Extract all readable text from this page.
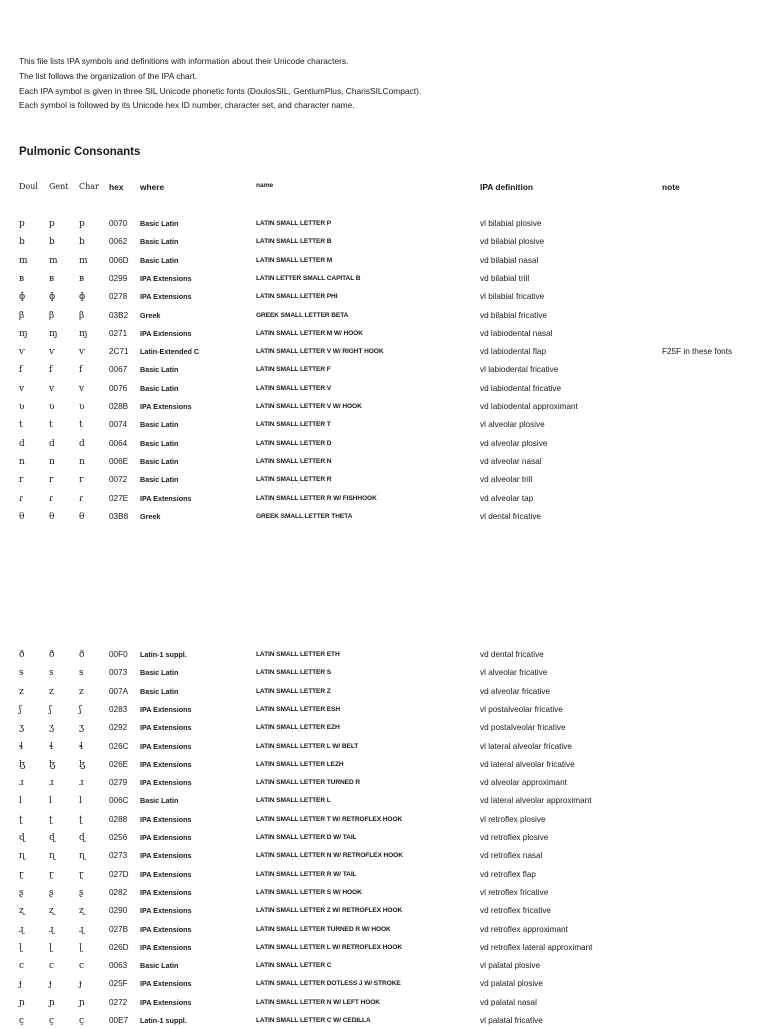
This file lists IPA symbols and definitions with information about their Unicode characters.
The list follows the organization of the IPA chart.
Each IPA symbol is given in three SIL Unicode phonetic fonts (DoulosSIL, GentiumPlus, CharisSILCompact).
Each symbol is followed by its Unicode hex ID number, character set, and character name.
Pulmonic Consonants
Doul Gent Char hex where	name	IPA definition	note
p	p	p	0070 Basic Latin	LATIN SMALL LETTER P	vl bilabial plosive
b	b	b	0062 Basic Latin	LATIN SMALL LETTER B	vd bilabial plosive
m m m	006D Basic Latin	LATIN SMALL LETTER M	vd bilabial nasal
ʙ	ʙ	ʙ	0299 IPA Extensions	LATIN LETTER SMALL CAPITAL B	vd bilabial trill
ɸ	ɸ	ɸ	0278 IPA Extensions	LATIN SMALL LETTER PHI	vl bilabial fricative
β	β	β	03B2 Greek	GREEK SMALL LETTER BETA	vd bilabial fricative
ɱ ɱ ɱ	0271 IPA Extensions	LATIN SMALL LETTER M W/ HOOK	vd labiodental nasal
ⱱ	ⱱ	ⱱ	2C71 Latin-Extended C	LATIN SMALL LETTER V W/ RIGHT HOOK	vd labiodental flap	F25F in these fonts
f	f	f	0067 Basic Latin	LATIN SMALL LETTER F	vl labiodental fricative
v	v	v	0076 Basic Latin	LATIN SMALL LETTER V	vd labiodental fricative
ʋ	ʋ	ʋ	028B IPA Extensions	LATIN SMALL LETTER V W/ HOOK	vd labiodental approximant
t	t	t	0074 Basic Latin	LATIN SMALL LETTER T	vl alveolar plosive
d	d	d	0064 Basic Latin	LATIN SMALL LETTER D	vd alveolar plosive
n	n	n	006E Basic Latin	LATIN SMALL LETTER N	vd alveolar nasal
r	r	r	0072 Basic Latin	LATIN SMALL LETTER R	vd alveolar trill
ɾ	ɾ	ɾ	027E IPA Extensions	LATIN SMALL LETTER R W/ FISHHOOK	vd alveolar tap
θ	θ	θ	03B8 Greek	GREEK SMALL LETTER THETA	vl dental fricative
ð	ð	ð	00F0 Latin-1 suppl.	LATIN SMALL LETTER ETH	vd dental fricative
s	s	s	0073 Basic Latin	LATIN SMALL LETTER S	vl alveolar fricative
z	z	z	007A Basic Latin	LATIN SMALL LETTER Z	vd alveolar fricative
ʃ	ʃ	ʃ	0283 IPA Extensions	LATIN SMALL LETTER ESH	vl postalveolar fricative
ʒ	ʒ	ʒ	0292 IPA Extensions	LATIN SMALL LETTER EZH	vd postalveolar fricative
ɬ	ɬ	ɬ	026C IPA Extensions	LATIN SMALL LETTER L W/ BELT	vl lateral alveolar fricative
ɮ	ɮ	ɮ	026E IPA Extensions	LATIN SMALL LETTER LEZH	vd lateral alveolar fricative
ɹ	ɹ	ɹ	0279 IPA Extensions	LATIN SMALL LETTER TURNED R	vd alveolar approximant
l	l	l	006C Basic Latin	LATIN SMALL LETTER L	vd lateral alveolar approximant
ʈ	ʈ	ʈ	0288 IPA Extensions	LATIN SMALL LETTER T W/ RETROFLEX HOOK	vl retroflex plosive
ɖ	ɖ	ɖ	0256 IPA Extensions	LATIN SMALL LETTER D W/ TAIL	vd retroflex plosive
ɳ	ɳ	ɳ	0273 IPA Extensions	LATIN SMALL LETTER N W/ RETROFLEX HOOK	vd retroflex nasal
ɽ	ɽ	ɽ	027D IPA Extensions	LATIN SMALL LETTER R W/ TAIL	vd retroflex flap
ʂ	ʂ	ʂ	0282 IPA Extensions	LATIN SMALL LETTER S W/ HOOK	vl retroflex fricative
ʐ	ʐ	ʐ	0290 IPA Extensions	LATIN SMALL LETTER Z W/ RETROFLEX HOOK	vd retroflex fricative
ɻ	ɻ	ɻ	027B IPA Extensions	LATIN SMALL LETTER TURNED R W/ HOOK	vd retroflex approximant
ɭ	ɭ	ɭ	026D IPA Extensions	LATIN SMALL LETTER L W/ RETROFLEX HOOK	vd retroflex lateral approximant
c	c	c	0063 Basic Latin	LATIN SMALL LETTER C	vl palatal plosive
ɟ	ɟ	ɟ	025F IPA Extensions	LATIN SMALL LETTER DOTLESS J W/ STROKE	vd palatal plosive
ɲ	ɲ	ɲ	0272 IPA Extensions	LATIN SMALL LETTER N W/ LEFT HOOK	vd palatal nasal
ç	ç	ç	00E7 Latin-1 suppl.	LATIN SMALL LETTER C W/ CEDILLA	vl palatal fricative
